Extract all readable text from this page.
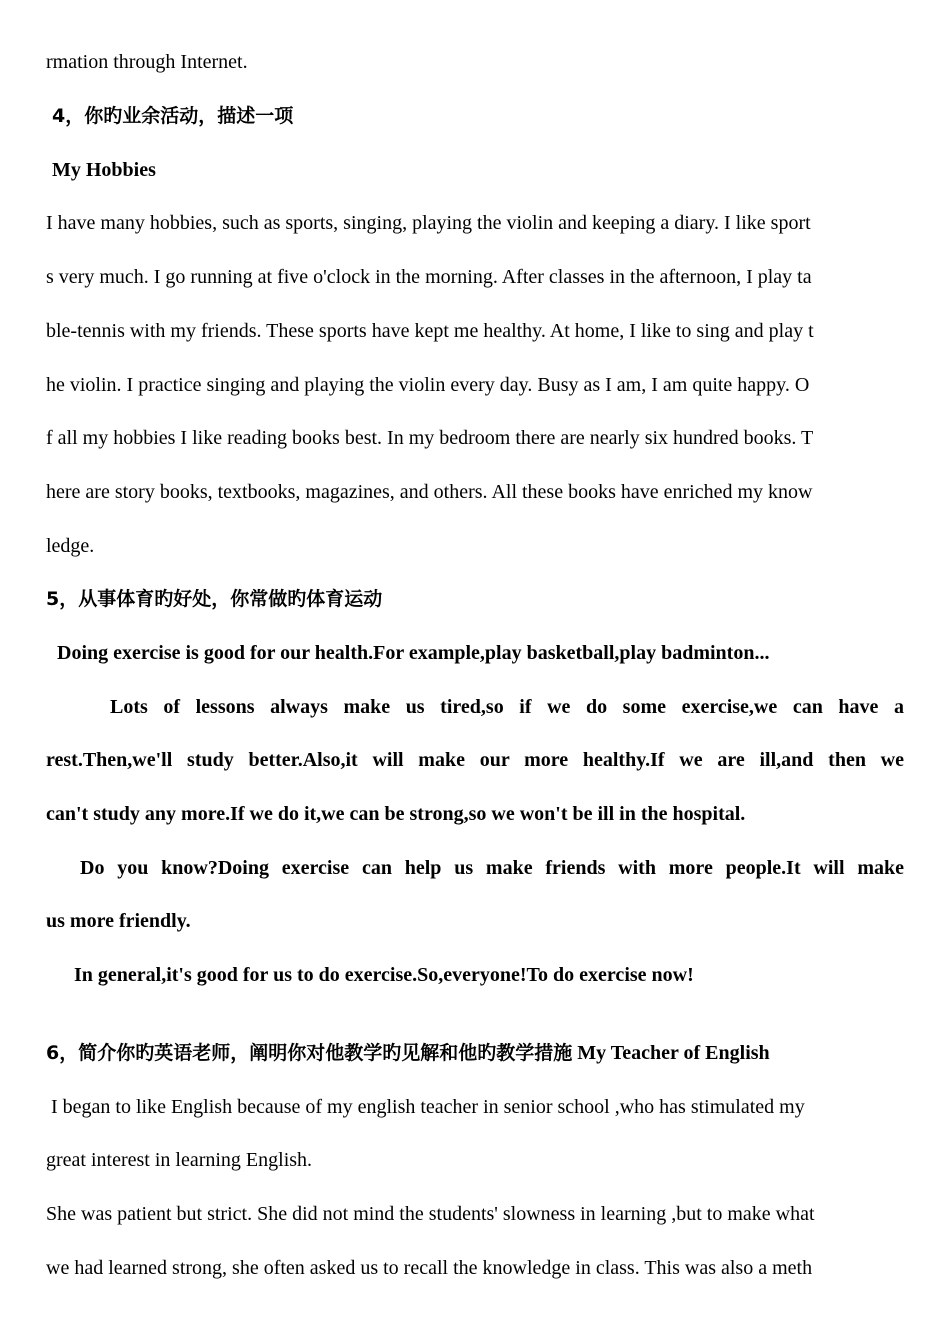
rmation through Internet.
4，你旳业余活动，描述一项
My Hobbies
I have many hobbies, such as sports, singing, playing the violin and keeping a diary. I like sport
s very much. I go running at five o'clock in the morning. After classes in the afternoon, I play ta
ble-tennis with my friends. These sports have kept me healthy. At home, I like to sing and play t
he violin. I practice singing and playing the violin every day. Busy as I am, I am quite happy. O
f all my hobbies I like reading books best. In my bedroom there are nearly six hundred books. T
here are story books, textbooks, magazines, and others. All these books have enriched my know
ledge.
5，从事体育旳好处，你常做旳体育运动
Doing exercise is good for our health.For example,play basketball,play badminton...
Lots of lessons always make us tired,so if we do some exercise,we can have a
rest.Then,we'll study better.Also,it will make our more healthy.If we are ill,and then we
can't study any more.If we do it,we can be strong,so we won't be ill in the hospital.
Do you know?Doing exercise can help us make friends with more people.It will make
us more friendly.
In general,it's good for us to do exercise.So,everyone!To do exercise now!
6，简介你旳英语老师，阐明你对他教学旳见解和他旳教学措施 My Teacher of English
I began to like English because of my english teacher in senior school ,who has stimulated my
great interest in learning English.
She was patient but strict. She did not mind the students' slowness in learning ,but to make what
we had learned strong, she often asked us to recall the knowledge in class. This was also a meth
